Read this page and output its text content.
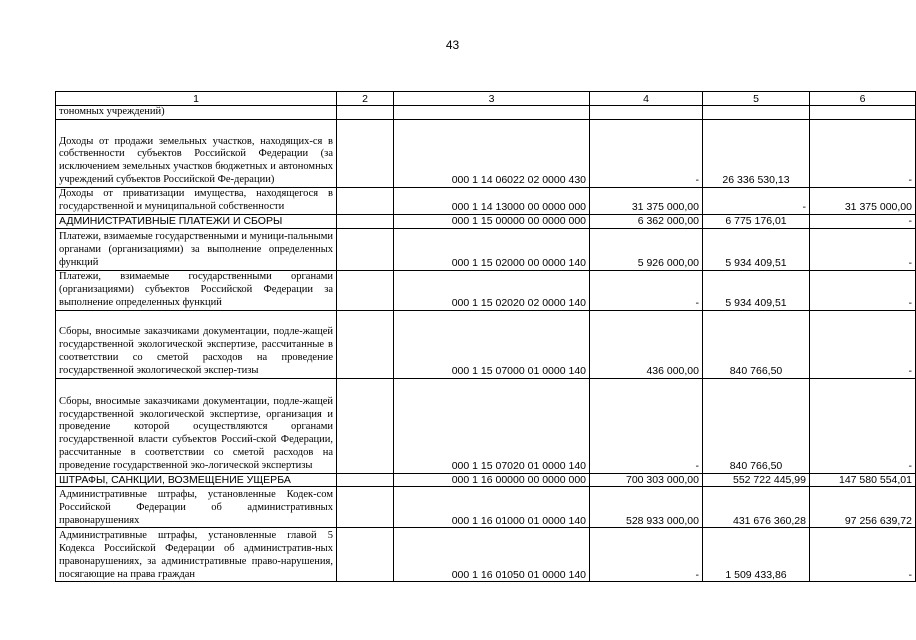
43
1	2	3	4	5	6
тономных учреждений)					
Доходы от продажи земельных участков, находящих-ся в собственности субъектов Российской Федерации (за исключением земельных участков бюджетных и автономных учреждений субъектов Российской Фе-дерации)		000 1 14 06022 02 0000 430	-	26 336 530,13	-
Доходы от приватизации имущества, находящегося в государственной и муниципальной собственности		000 1 14 13000 00 0000 000	31 375 000,00	-	31 375 000,00
АДМИНИСТРАТИВНЫЕ ПЛАТЕЖИ И СБОРЫ		000 1 15 00000 00 0000 000	6 362 000,00	6 775 176,01	-
Платежи, взимаемые государственными и муници-пальными органами (организациями) за выполнение определенных функций		000 1 15 02000 00 0000 140	5 926 000,00	5 934 409,51	-
Платежи, взимаемые государственными органами (организациями) субъектов Российской Федерации за выполнение определенных функций		000 1 15 02020 02 0000 140	-	5 934 409,51	-
Сборы, вносимые заказчиками документации, подле-жащей государственной экологической экспертизе, рассчитанные в соответствии со сметой расходов на проведение государственной экологической экспер-тизы		000 1 15 07000 01 0000 140	436 000,00	840 766,50	-
Сборы, вносимые заказчиками документации, подле-жащей государственной экологической экспертизе, организация и проведение которой осуществляются органами государственной власти субъектов Россий-ской Федерации, рассчитанные в соответствии со сметой расходов на проведение государственной эко-логической экспертизы		000 1 15 07020 01 0000 140	-	840 766,50	-
ШТРАФЫ, САНКЦИИ, ВОЗМЕЩЕНИЕ УЩЕРБА		000 1 16 00000 00 0000 000	700 303 000,00	552 722 445,99	147 580 554,01
Административные штрафы, установленные Кодек-сом Российской Федерации об административных правонарушениях		000 1 16 01000 01 0000 140	528 933 000,00	431 676 360,28	97 256 639,72
Административные штрафы, установленные главой 5 Кодекса Российской Федерации об административ-ных правонарушениях, за административные право-нарушения, посягающие на права граждан		000 1 16 01050 01 0000 140	-	1 509 433,86	-
